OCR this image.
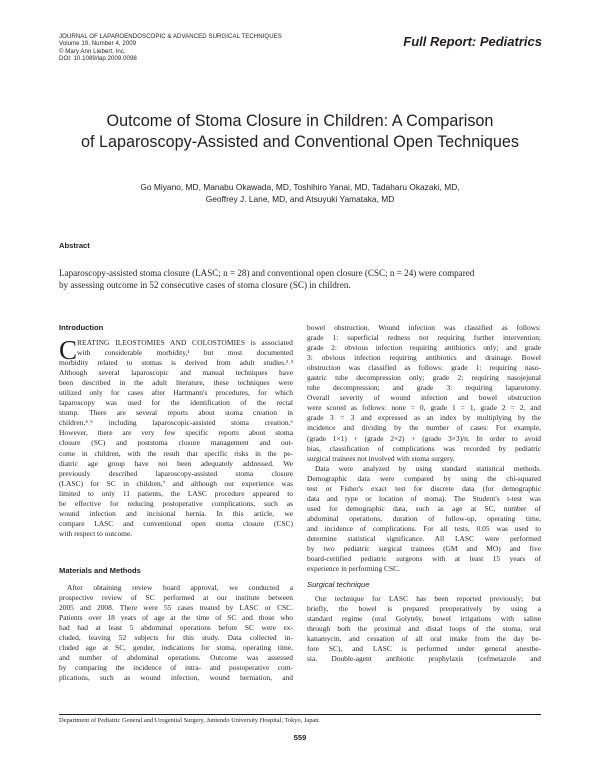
JOURNAL OF LAPAROENDOSCOPIC & ADVANCED SURGICAL TECHNIQUES
Volume 19, Number 4, 2009
© Mary Ann Liebert, Inc.
DOI: 10.1089/lap.2009.0098
Full Report: Pediatrics
Outcome of Stoma Closure in Children: A Comparison
of Laparoscopy-Assisted and Conventional Open Techniques
Go Miyano, MD, Manabu Okawada, MD, Toshihiro Yanai, MD, Tadaharu Okazaki, MD,
Geoffrey J. Lane, MD, and Atsuyuki Yamataka, MD
Abstract
Laparoscopy-assisted stoma closure (LASC; n = 28) and conventional open closure (CSC; n = 24) were compared
by assessing outcome in 52 consecutive cases of stoma closure (SC) in children.
Introduction
C REATING ILEOSTOMIES AND COLOSTOMIES is associated
with considerable morbidity,¹ but most documented
morbidity related to stomas is derived from adult studies.²˒³
Although several laparoscopic and manual techniques have
been described in the adult literature, these techniques were
utilized only for cases after Hartmann's procedures, for which
laparoscopy was used for the identification of the rectal
stump. There are several reports about stoma creation in
children,⁴˒⁵ including laparoscopic-assisted stoma creation.⁶
However, there are very few specific reports about stoma
closure (SC) and poststoma closure management and out-
come in children, with the result that specific risks in the pe-
diatric age group have not been adequately addressed. We
previously described laparoscopy-assisted stoma closure
(LASC) for SC in children,⁷ and although our experience was
limited to only 11 patients, the LASC procedure appeared to
be effective for reducing postoperative complications, such as
wound infection and incisional hernia. In this article, we
compare LASC and conventional open stoma closure (CSC)
with respect to outcome.
Materials and Methods
After obtaining review board approval, we conducted a
prospective review of SC performed at our institute between
2005 and 2008. There were 55 cases treated by LASC or CSC.
Patients over 18 years of age at the time of SC and those who
had had at least 5 abdominal operations before SC were ex-
cluded, leaving 52 subjects for this study. Data collected in-
cluded age at SC, gender, indications for stoma, operating time,
and number of abdominal operations. Outcome was assessed
by comparing the incidence of intra- and postoperative com-
plications, such as wound infection, wound herniation, and
bowel obstruction. Wound infection was classified as follows:
grade 1: superficial redness not requiring further intervention;
grade 2: obvious infection requiring antibiotics only; and grade
3: obvious infection requiring antibiotics and drainage. Bowel
obstruction was classified as follows: grade 1: requiring naso-
gastric tube decompression only; grade 2: requiring nasojejunal
tube decompression; and grade 3: requiring laparotomy.
Overall severity of wound infection and bowel obstruction
were scored as follows: none = 0, grade 1 = 1, grade 2 = 2, and
grade 3 = 3 and expressed as an index by multiplying by the
incidence and dividing by the number of cases: For example,
(grade 1×1) + (grade 2×2) + (grade 3×3)/n. In order to avoid
bias, classification of complications was recorded by pediatric
surgical trainees not involved with stoma surgery.
Data were analyzed by using standard statistical methods.
Demographic data were compared by using the chi-squared
test or Fisher's exact test for discrete data (for demographic
data and type or location of stoma). The Student's t-test was
used for demographic data, such as age at SC, number of
abdominal operations, duration of follow-up, operating time,
and incidence of complications. For all tests, 0.05 was used to
determine statistical significance. All LASC were performed
by two pediatric surgical trainees (GM and MO) and five
board-certified pediatric surgeons with at least 15 years of
experience in performing CSC.
Surgical technique
Our technique for LASC has been reported previously; but
briefly, the bowel is prepared preoperatively by using a
standard regime (oral Golytely, bowel irrigations with saline
through both the proximal and distal loops of the stoma, oral
kanamycin, and cessation of all oral intake from the day be-
fore SC), and LASC is performed under general anesthe-
sia. Double-agent antibiotic prophylaxis (cefmetazole and
Department of Pediatric General and Urogenital Surgery, Juntendo University Hospital, Tokyo, Japan.
559
